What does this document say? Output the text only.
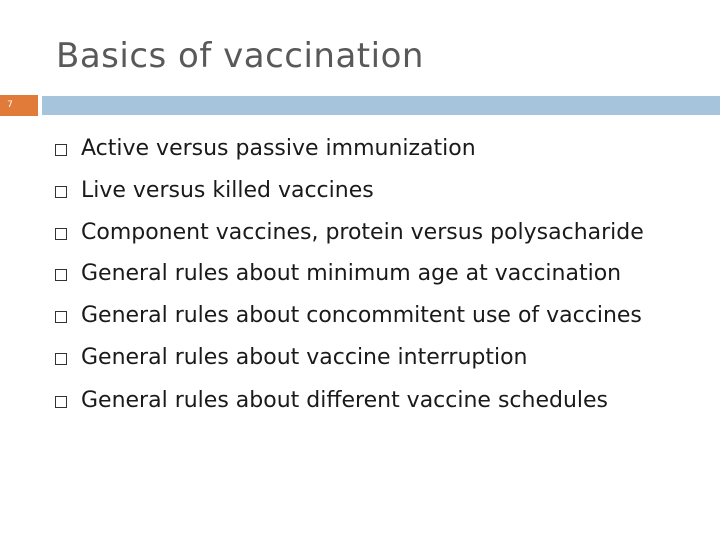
Basics of vaccination
7
Active versus passive immunization
Live versus killed vaccines
Component vaccines, protein versus polysacharide
General rules about minimum age at vaccination
General rules about concommitent use of vaccines
General rules about vaccine interruption
General rules about different vaccine schedules
